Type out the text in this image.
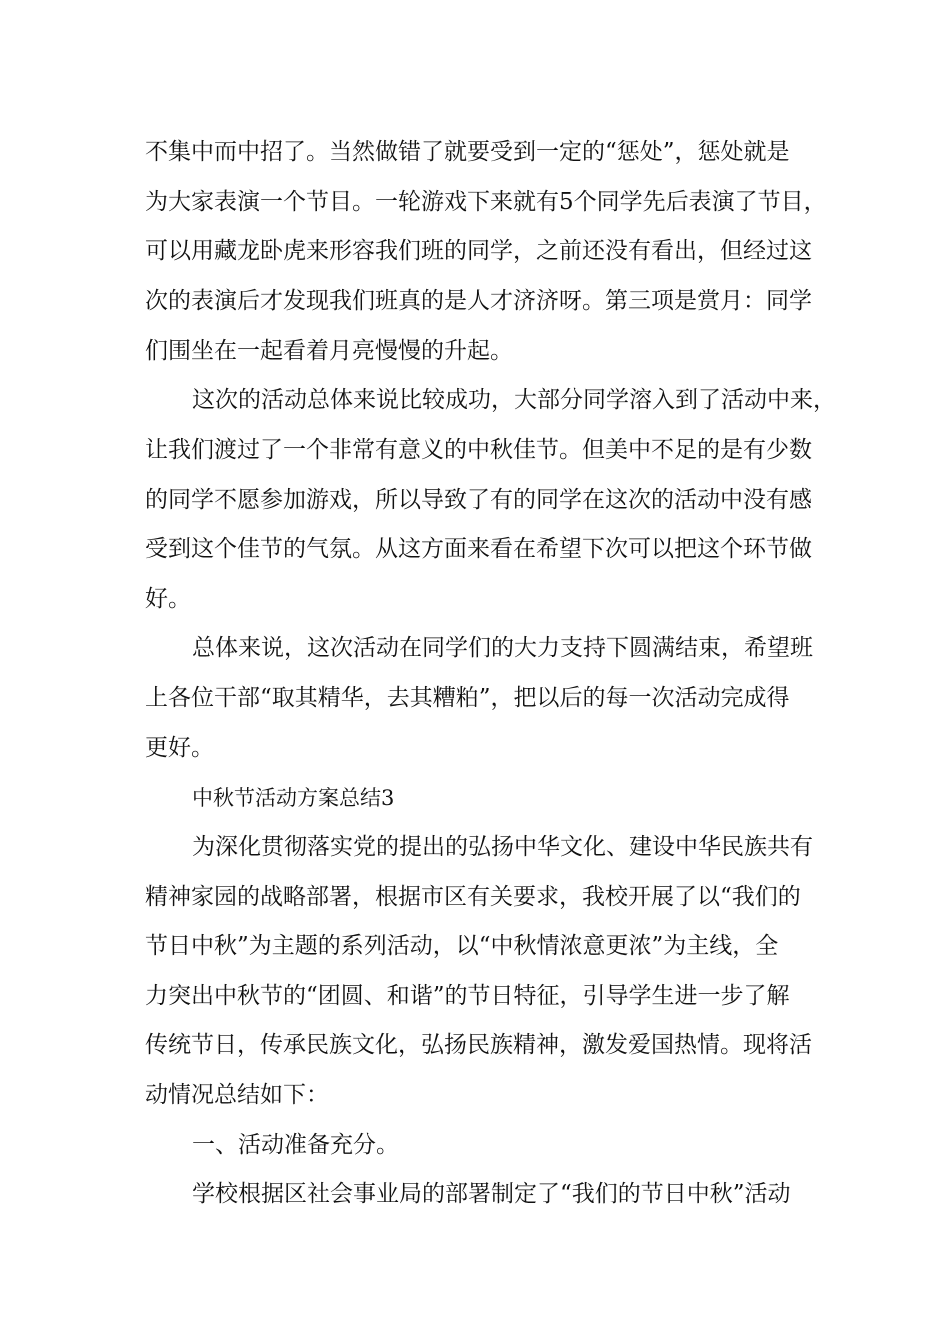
不集中而中招了。当然做错了就要受到一定的“惩处”，惩处就是

为大家表演一个节目。一轮游戏下来就有5个同学先后表演了节目，

可以用藏龙卧虎来形容我们班的同学，之前还没有看出，但经过这

次的表演后才发现我们班真的是人才济济呀。第三项是赏月：同学

们围坐在一起看着月亮慢慢的升起。

这次的活动总体来说比较成功，大部分同学溶入到了活动中来，

让我们渡过了一个非常有意义的中秋佳节。但美中不足的是有少数

的同学不愿参加游戏，所以导致了有的同学在这次的活动中没有感

受到这个佳节的气氛。从这方面来看在希望下次可以把这个环节做

好。

总体来说，这次活动在同学们的大力支持下圆满结束，希望班

上各位干部“取其精华，去其糟粕”，把以后的每一次活动完成得

更好。

中秋节活动方案总结3

为深化贯彻落实党的提出的弘扬中华文化、建设中华民族共有

精神家园的战略部署，根据市区有关要求，我校开展了以“我们的

节日中秋”为主题的系列活动，以“中秋情浓意更浓”为主线，全

力突出中秋节的“团圆、和谐”的节日特征，引导学生进一步了解

传统节日，传承民族文化，弘扬民族精神，激发爱国热情。现将活

动情况总结如下：

一、活动准备充分。

学校根据区社会事业局的部署制定了“我们的节日中秋”活动
